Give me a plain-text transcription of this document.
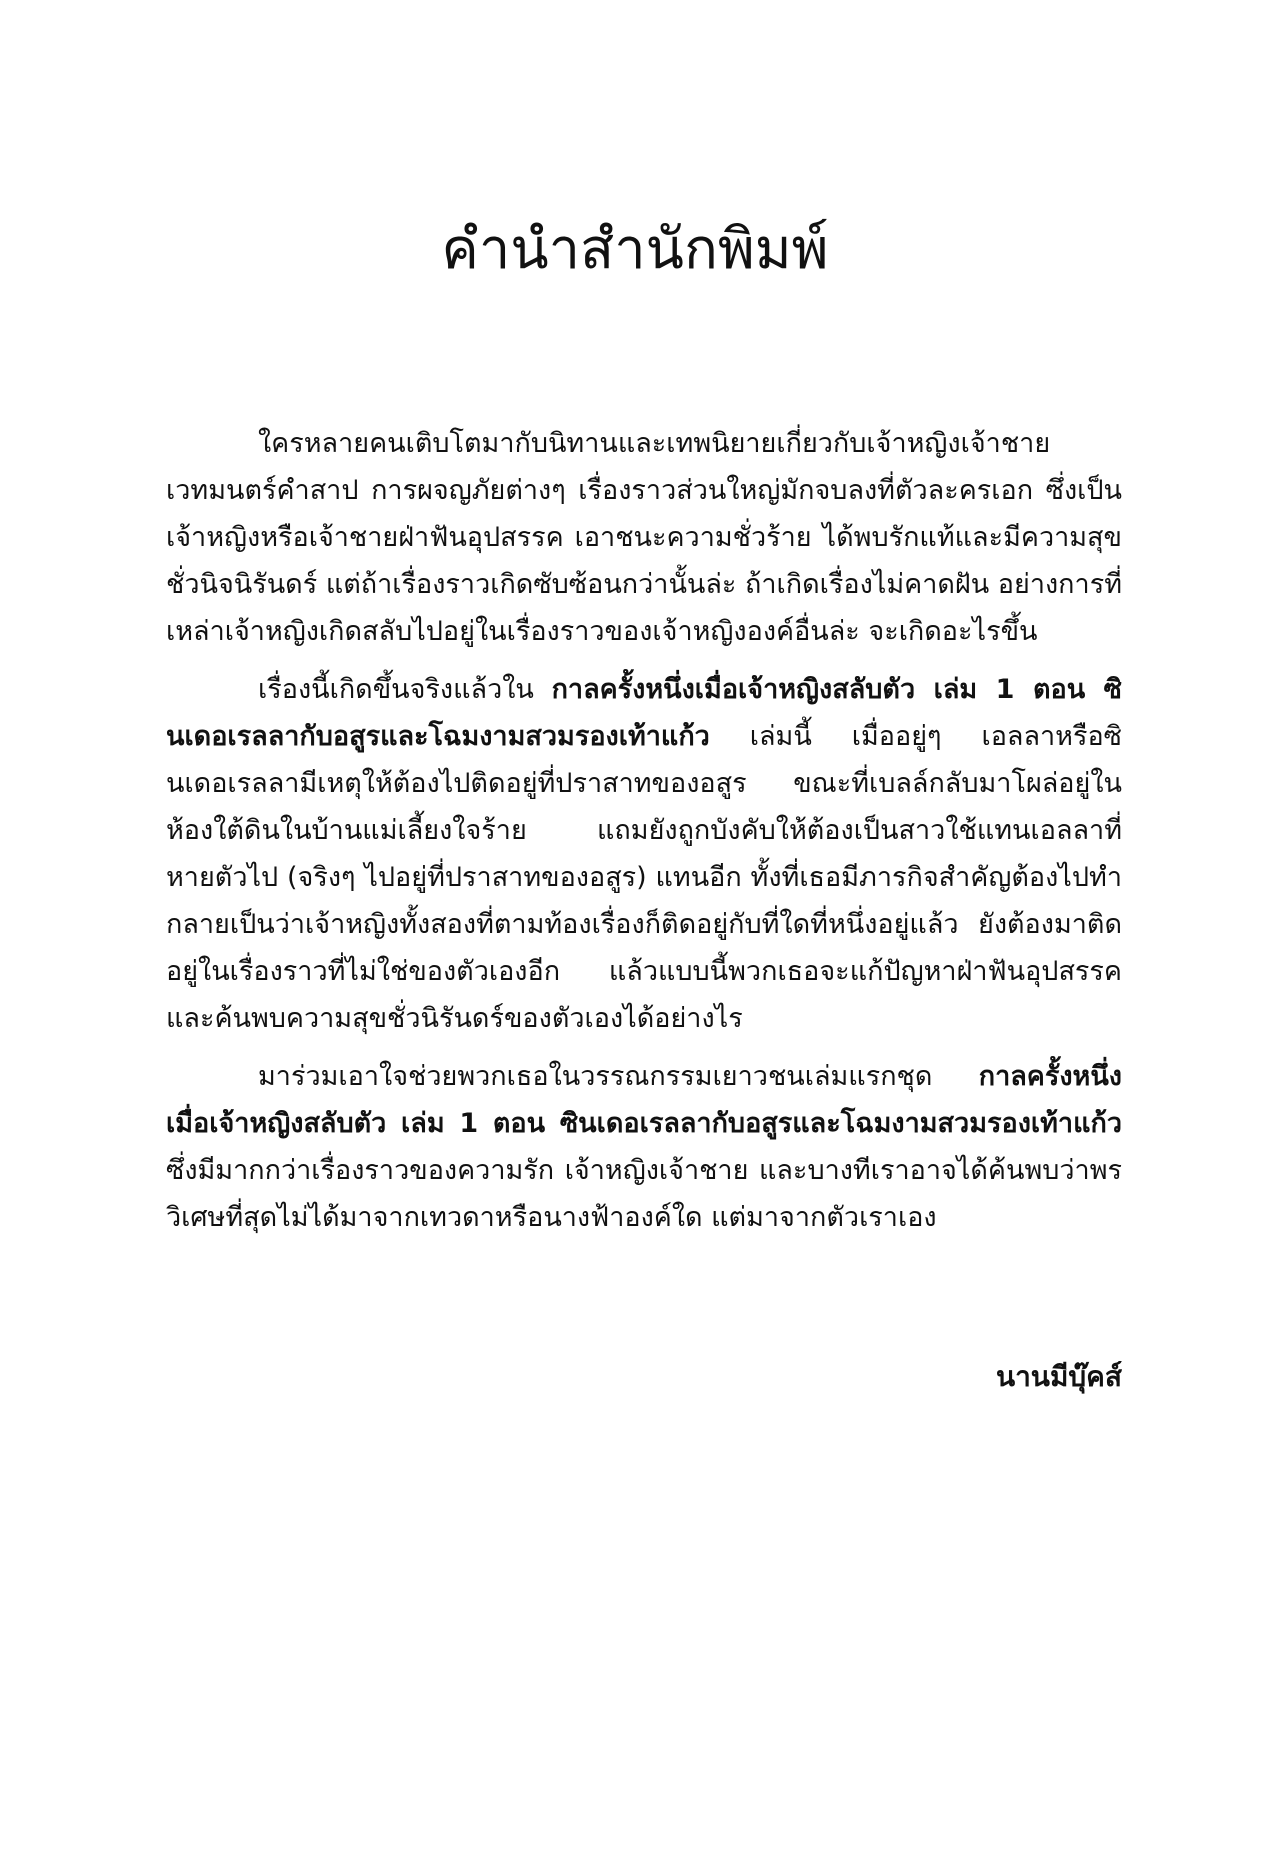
คำนำสำนักพิมพ์

ใครหลายคนเติบโตมากับนิทานและเทพนิยายเกี่ยวกับเจ้าหญิงเจ้าชาย เวทมนตร์คำสาป การผจญภัยต่างๆ เรื่องราวส่วนใหญ่มักจบลงที่ตัวละครเอก ซึ่งเป็นเจ้าหญิงหรือเจ้าชายฝ่าฟันอุปสรรค เอาชนะความชั่วร้าย ได้พบรักแท้และมีความสุขชั่วนิจนิรันดร์ แต่ถ้าเรื่องราวเกิดซับซ้อนกว่านั้นล่ะ ถ้าเกิดเรื่องไม่คาดฝัน อย่างการที่เหล่าเจ้าหญิงเกิดสลับไปอยู่ในเรื่องราวของเจ้าหญิงองค์อื่นล่ะ จะเกิดอะไรขึ้น

เรื่องนี้เกิดขึ้นจริงแล้วใน กาลครั้งหนึ่งเมื่อเจ้าหญิงสลับตัว เล่ม 1 ตอน ซินเดอเรลลากับอสูรและโฉมงามสวมรองเท้าแก้ว เล่มนี้ เมื่ออยู่ๆ เอลลาหรือซินเดอเรลลามีเหตุให้ต้องไปติดอยู่ที่ปราสาทของอสูร ขณะที่เบลล์กลับมาโผล่อยู่ในห้องใต้ดินในบ้านแม่เลี้ยงใจร้าย แถมยังถูกบังคับให้ต้องเป็นสาวใช้แทนเอลลาที่หายตัวไป (จริงๆ ไปอยู่ที่ปราสาทของอสูร) แทนอีก ทั้งที่เธอมีภารกิจสำคัญต้องไปทำ กลายเป็นว่าเจ้าหญิงทั้งสองที่ตามท้องเรื่องก็ติดอยู่กับที่ใดที่หนึ่งอยู่แล้ว ยังต้องมาติดอยู่ในเรื่องราวที่ไม่ใช่ของตัวเองอีก แล้วแบบนี้พวกเธอจะแก้ปัญหาฝ่าฟันอุปสรรค และค้นพบความสุขชั่วนิรันดร์ของตัวเองได้อย่างไร

มาร่วมเอาใจช่วยพวกเธอในวรรณกรรมเยาวชนเล่มแรกชุด กาลครั้งหนึ่งเมื่อเจ้าหญิงสลับตัว เล่ม 1 ตอน ซินเดอเรลลากับอสูรและโฉมงามสวมรองเท้าแก้ว ซึ่งมีมากกว่าเรื่องราวของความรัก เจ้าหญิงเจ้าชาย และบางทีเราอาจได้ค้นพบว่าพรวิเศษที่สุดไม่ได้มาจากเทวดาหรือนางฟ้าองค์ใด แต่มาจากตัวเราเอง

นานมีบุ๊คส์
